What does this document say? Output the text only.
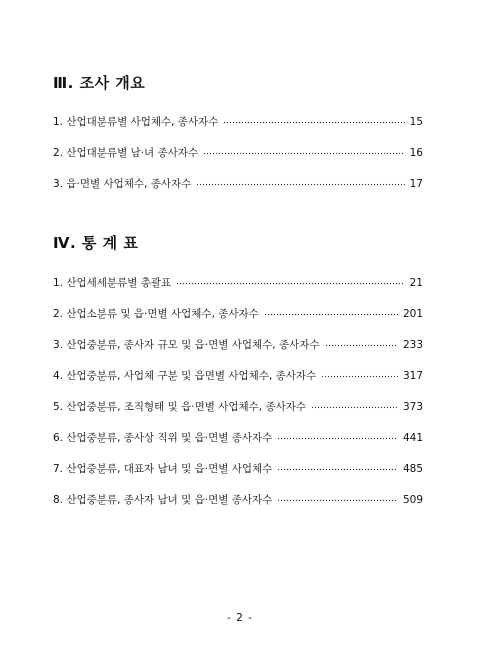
Ⅲ. 조사 개요
1. 산업대분류별 사업체수, 종사자수	15
2. 산업대분류별 남·녀 종사자수	16
3. 읍·면별 사업체수, 종사자수	17
Ⅳ. 통 계 표
1. 산업세세분류별 총괄표	21
2. 산업소분류 및 읍·면별 사업체수, 종사자수	201
3. 산업중분류, 종사자 규모 및 읍·면별 사업체수, 종사자수	233
4. 산업중분류, 사업체 구분 및 읍면별 사업체수, 종사자수	317
5. 산업중분류, 조직형태 및 읍·면별 사업체수, 종사자수	373
6. 산업중분류, 종사상 직위 및 읍·면별 종사자수	441
7. 산업중분류, 대표자 남녀 및 읍·면별 사업체수	485
8. 산업중분류, 종사자 남녀 및 읍·면별 종사자수	509
- 2 -
